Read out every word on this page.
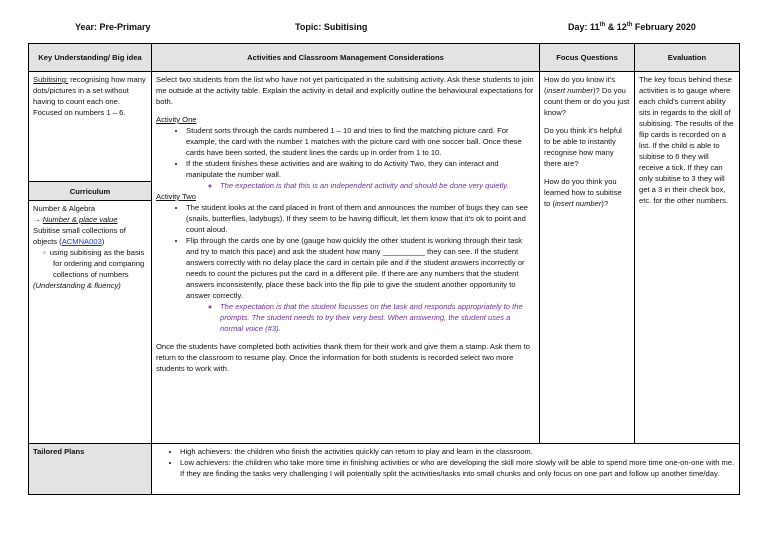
Year: Pre-Primary	Topic: Subitising	Day: 11th & 12th February 2020
Key Understanding/ Big idea	Activities and Classroom Management Considerations	Focus Questions	Evaluation
Subitising: recognising how many dots/pictures in a set without having to count each one. Focused on numbers 1 – 6.
Curriculum

Number & Algebra

→ Number & place value

Subitise small collections of objects (ACMNA003)

▫ using subitising as the basis for ordering and comparing collections of numbers

(Understanding & fluency)

Select two students from the list who have not yet participated in the subitising activity. Ask these students to join me outside at the activity table. Explain the activity in detail and explicitly outline the behavioural expectations for both.

Activity One

• Student sorts through the cards numbered 1 – 10 and tries to find the matching picture card. For example, the card with the number 1 matches with the picture card with one soccer ball. Once these cards have been sorted, the student lines the cards up in order from 1 to 10.
• If the student finishes these activities and are waiting to do Activity Two, they can interact and manipulate the number wall.
◦ The expectation is that this is an independent activity and should be done very quietly.

Activity Two

• The student looks at the card placed in front of them and announces the number of bugs they can see (snails, butterflies, ladybugs). If they seem to be having difficult, let them know that it's ok to point and count aloud.
• Flip through the cards one by one (gauge how quickly the other student is working through their task and try to match this pace) and ask the student how many __________ they can see. If the student answers correctly with no delay place the card in certain pile and if the student answers incorrectly or needs to count the pictures put the card in a different pile. If there are any numbers that the student answers inconsistently, place these back into the flip pile to give the student another opportunity to answer correctly.
◦ The expectation is that the student focusses on the task and responds appropriately to the prompts. The student needs to try their very best. When answering, the student uses a normal voice (#3).

Once the students have completed both activities thank them for their work and give them a stamp. Ask them to return to the classroom to resume play. Once the information for both students is recorded select two more students to work with.

How do you know it's (insert number)? Do you count them or do you just know?

Do you think it's helpful to be able to instantly recognise how many there are?

How do you think you learned how to subitise to (insert number)?

The key focus behind these activities is to gauge where each child's current ability sits in regards to the skill of subitising. The results of the flip cards is recorded on a list. If the child is able to subitise to 6 they will receive a tick. If they can only subitise to 3 they will get a 3 in their check box, etc. for the other numbers.

Tailored Plans
•	High achievers: the children who finish the activities quickly can return to play and learn in the classroom.
• Low achievers: the children who take more time in finishing activities or who are developing the skill more slowly will be able to spend more time one-on-one with me. If they are finding the tasks very challenging I will potentially split the activities/tasks into small chunks and only focus on one part and follow up another time/day.
